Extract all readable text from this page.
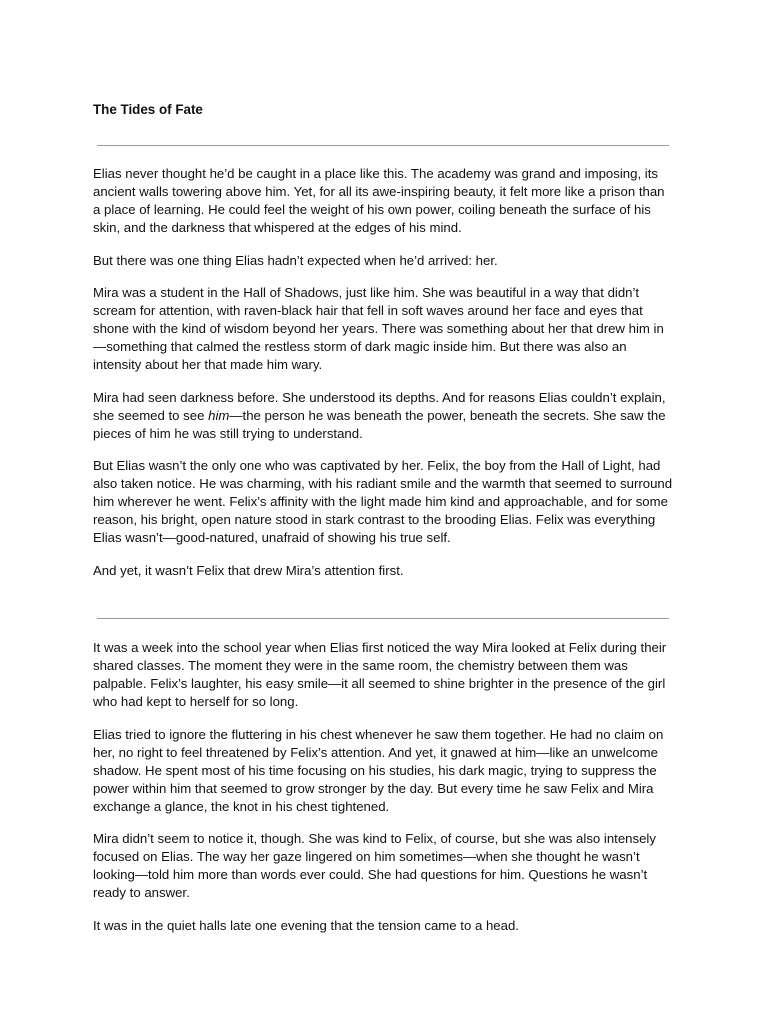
The Tides of Fate

Elias never thought he’d be caught in a place like this. The academy was grand and imposing, its ancient walls towering above him. Yet, for all its awe-inspiring beauty, it felt more like a prison than a place of learning. He could feel the weight of his own power, coiling beneath the surface of his skin, and the darkness that whispered at the edges of his mind.

But there was one thing Elias hadn’t expected when he’d arrived: her.

Mira was a student in the Hall of Shadows, just like him. She was beautiful in a way that didn’t scream for attention, with raven-black hair that fell in soft waves around her face and eyes that shone with the kind of wisdom beyond her years. There was something about her that drew him in—something that calmed the restless storm of dark magic inside him. But there was also an intensity about her that made him wary.

Mira had seen darkness before. She understood its depths. And for reasons Elias couldn’t explain, she seemed to see him—the person he was beneath the power, beneath the secrets. She saw the pieces of him he was still trying to understand.

But Elias wasn’t the only one who was captivated by her. Felix, the boy from the Hall of Light, had also taken notice. He was charming, with his radiant smile and the warmth that seemed to surround him wherever he went. Felix’s affinity with the light made him kind and approachable, and for some reason, his bright, open nature stood in stark contrast to the brooding Elias. Felix was everything Elias wasn’t—good-natured, unafraid of showing his true self.

And yet, it wasn’t Felix that drew Mira’s attention first.

It was a week into the school year when Elias first noticed the way Mira looked at Felix during their shared classes. The moment they were in the same room, the chemistry between them was palpable. Felix’s laughter, his easy smile—it all seemed to shine brighter in the presence of the girl who had kept to herself for so long.

Elias tried to ignore the fluttering in his chest whenever he saw them together. He had no claim on her, no right to feel threatened by Felix’s attention. And yet, it gnawed at him—like an unwelcome shadow. He spent most of his time focusing on his studies, his dark magic, trying to suppress the power within him that seemed to grow stronger by the day. But every time he saw Felix and Mira exchange a glance, the knot in his chest tightened.

Mira didn’t seem to notice it, though. She was kind to Felix, of course, but she was also intensely focused on Elias. The way her gaze lingered on him sometimes—when she thought he wasn’t looking—told him more than words ever could. She had questions for him. Questions he wasn’t ready to answer.

It was in the quiet halls late one evening that the tension came to a head.
